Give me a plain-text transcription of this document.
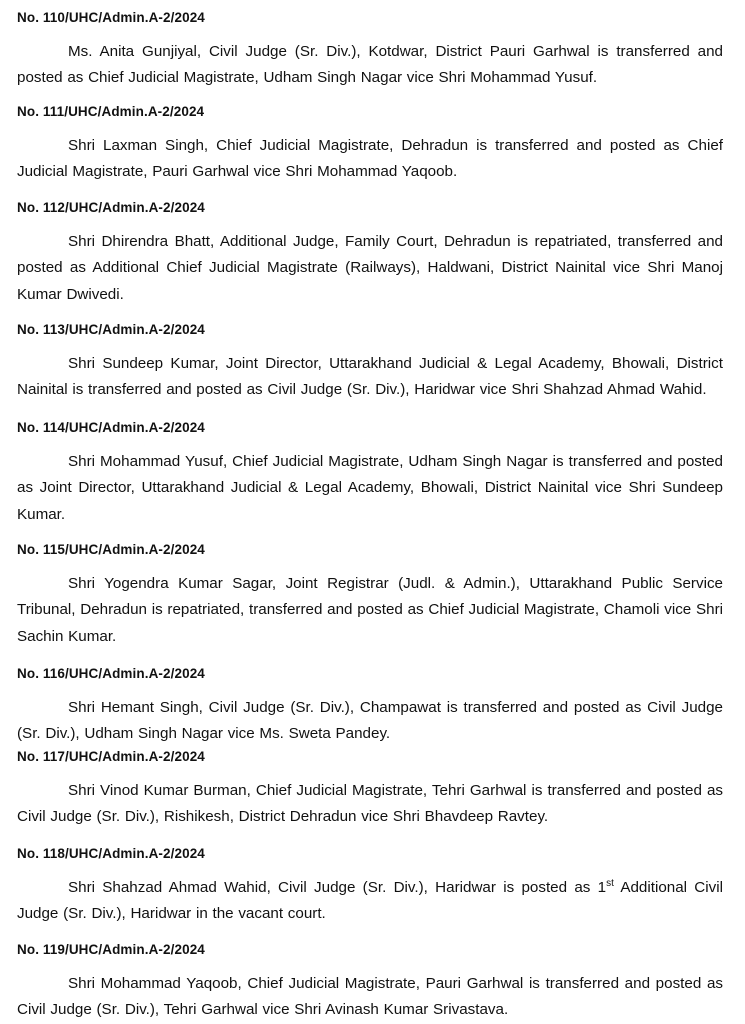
No. 110/UHC/Admin.A-2/2024

Ms. Anita Gunjiyal, Civil Judge (Sr. Div.), Kotdwar, District Pauri Garhwal is transferred and posted as Chief Judicial Magistrate, Udham Singh Nagar vice Shri Mohammad Yusuf.

No. 111/UHC/Admin.A-2/2024

Shri Laxman Singh, Chief Judicial Magistrate, Dehradun is transferred and posted as Chief Judicial Magistrate, Pauri Garhwal vice Shri Mohammad Yaqoob.

No. 112/UHC/Admin.A-2/2024

Shri Dhirendra Bhatt, Additional Judge, Family Court, Dehradun is repatriated, transferred and posted as Additional Chief Judicial Magistrate (Railways), Haldwani, District Nainital vice Shri Manoj Kumar Dwivedi.

No. 113/UHC/Admin.A-2/2024

Shri Sundeep Kumar, Joint Director, Uttarakhand Judicial & Legal Academy, Bhowali, District Nainital is transferred and posted as Civil Judge (Sr. Div.), Haridwar vice Shri Shahzad Ahmad Wahid.

No. 114/UHC/Admin.A-2/2024

Shri Mohammad Yusuf, Chief Judicial Magistrate, Udham Singh Nagar is transferred and posted as Joint Director, Uttarakhand Judicial & Legal Academy, Bhowali, District Nainital vice Shri Sundeep Kumar.

No. 115/UHC/Admin.A-2/2024

Shri Yogendra Kumar Sagar, Joint Registrar (Judl. & Admin.), Uttarakhand Public Service Tribunal, Dehradun is repatriated, transferred and posted as Chief Judicial Magistrate, Chamoli vice Shri Sachin Kumar.

No. 116/UHC/Admin.A-2/2024

Shri Hemant Singh, Civil Judge (Sr. Div.), Champawat is transferred and posted as Civil Judge (Sr. Div.), Udham Singh Nagar vice Ms. Sweta Pandey.

No. 117/UHC/Admin.A-2/2024

Shri Vinod Kumar Burman, Chief Judicial Magistrate, Tehri Garhwal is transferred and posted as Civil Judge (Sr. Div.), Rishikesh, District Dehradun vice Shri Bhavdeep Ravtey.

No. 118/UHC/Admin.A-2/2024

Shri Shahzad Ahmad Wahid, Civil Judge (Sr. Div.), Haridwar is posted as 1st Additional Civil Judge (Sr. Div.), Haridwar in the vacant court.

No. 119/UHC/Admin.A-2/2024

Shri Mohammad Yaqoob, Chief Judicial Magistrate, Pauri Garhwal is transferred and posted as Civil Judge (Sr. Div.), Tehri Garhwal vice Shri Avinash Kumar Srivastava.
